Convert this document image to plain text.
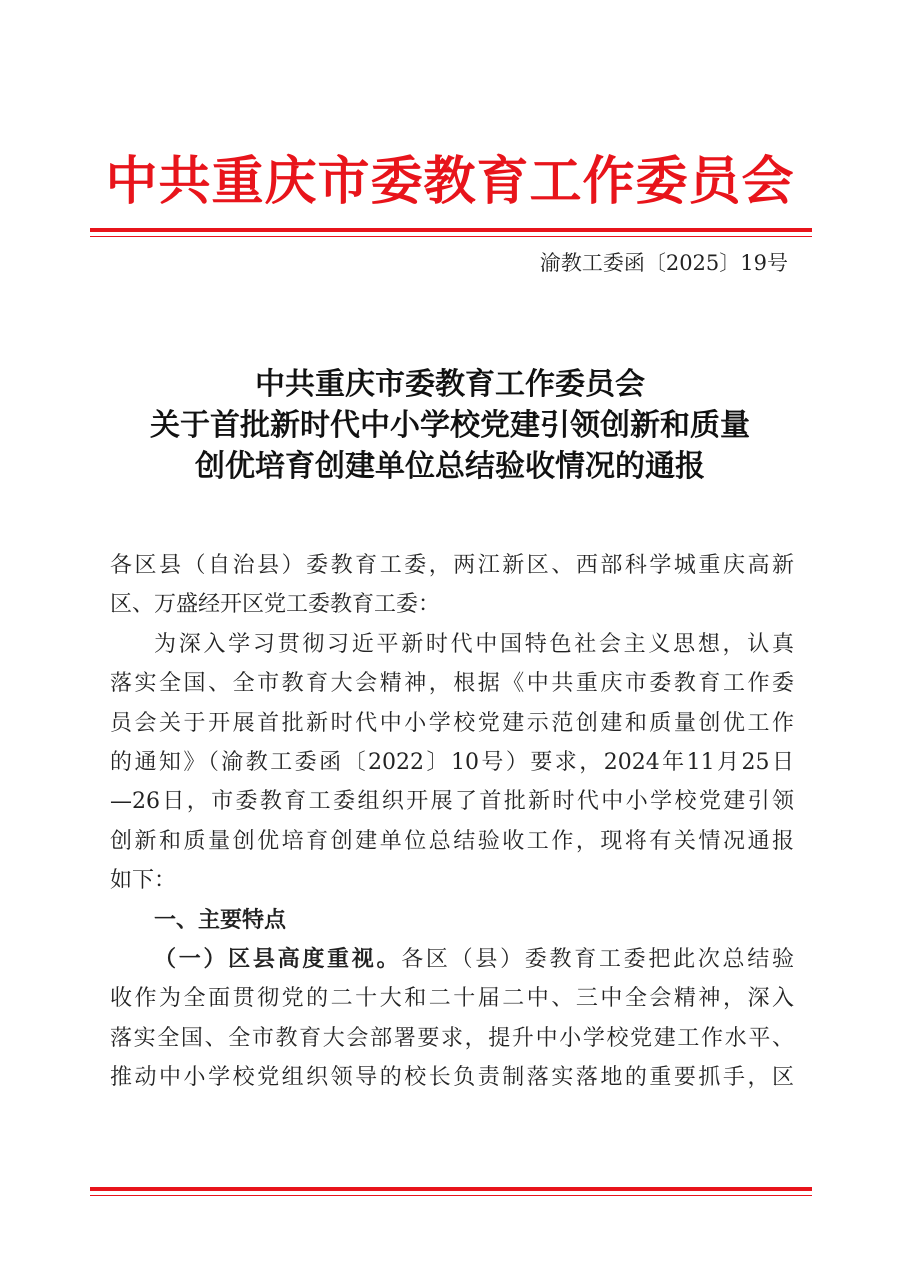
中共重庆市委教育工作委员会
渝教工委函〔2025〕19号
中共重庆市委教育工作委员会
关于首批新时代中小学校党建引领创新和质量
创优培育创建单位总结验收情况的通报
各区县（自治县）委教育工委，两江新区、西部科学城重庆高新
区、万盛经开区党工委教育工委：
为深入学习贯彻习近平新时代中国特色社会主义思想，认真
落实全国、全市教育大会精神，根据《中共重庆市委教育工作委
员会关于开展首批新时代中小学校党建示范创建和质量创优工作
的通知》（渝教工委函〔2022〕10号）要求，2024年11月25日
—26日，市委教育工委组织开展了首批新时代中小学校党建引领
创新和质量创优培育创建单位总结验收工作，现将有关情况通报
如下：
一、主要特点
（一）区县高度重视。各区（县）委教育工委把此次总结验
收作为全面贯彻党的二十大和二十届二中、三中全会精神，深入
落实全国、全市教育大会部署要求，提升中小学校党建工作水平、
推动中小学校党组织领导的校长负责制落实落地的重要抓手，区
